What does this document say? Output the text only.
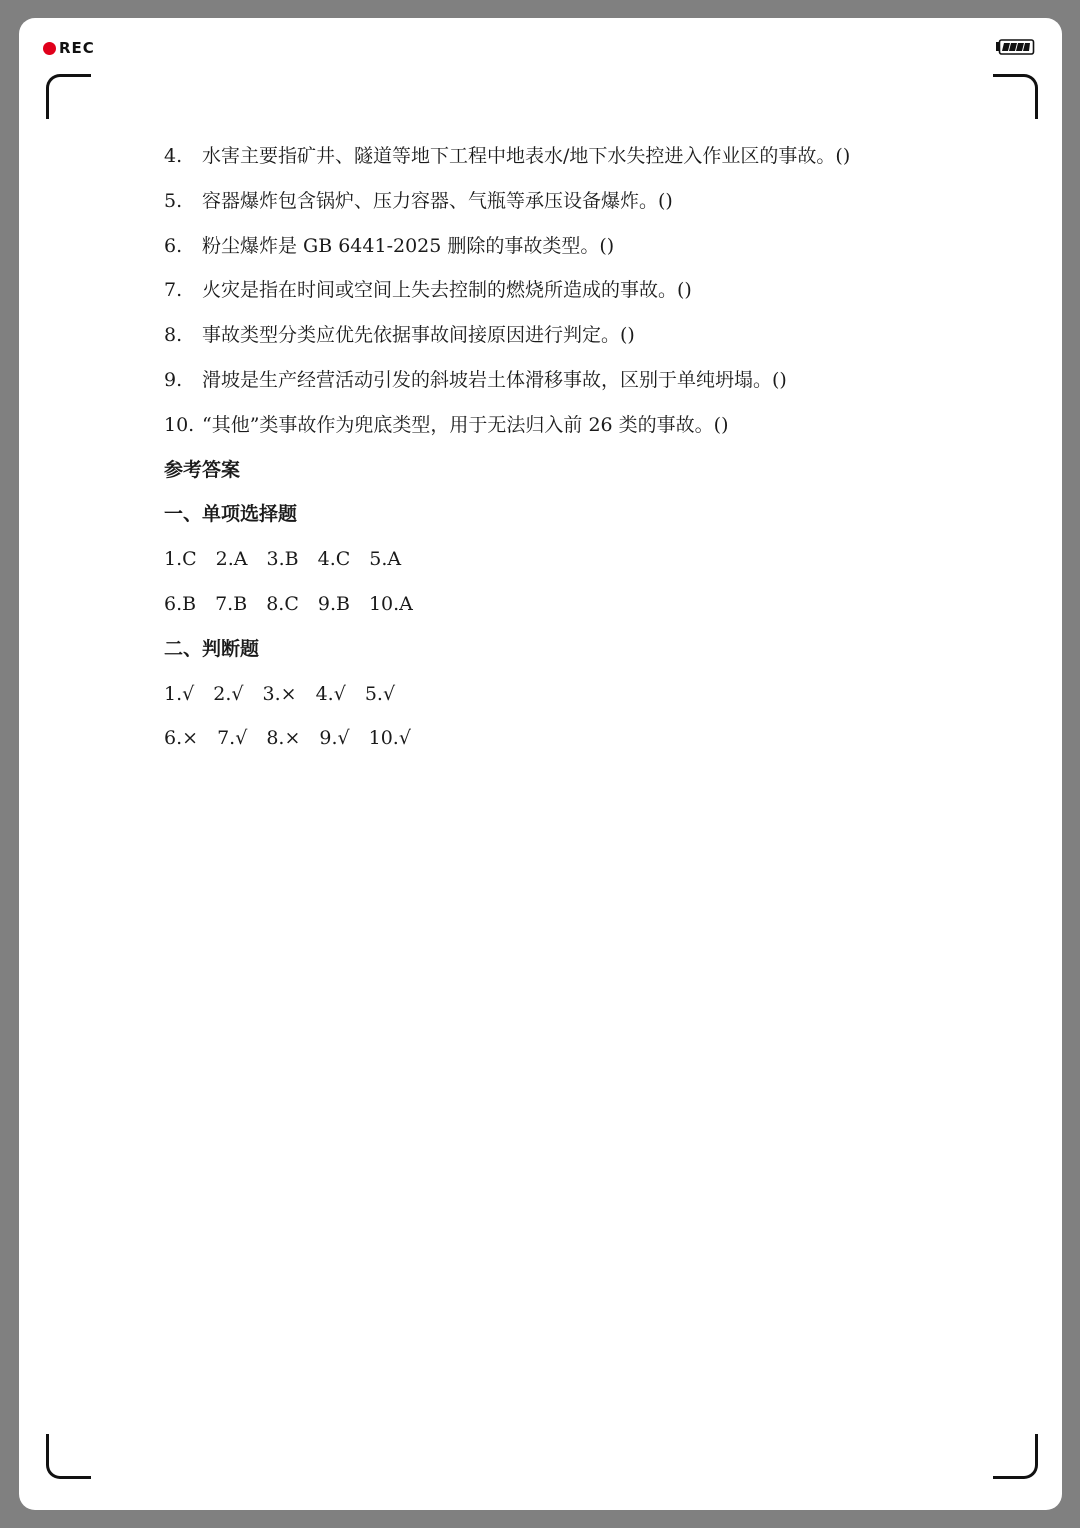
REC
4.	水害主要指矿井、隧道等地下工程中地表水/地下水失控进入作业区的事故。()
5.	容器爆炸包含锅炉、压力容器、气瓶等承压设备爆炸。()
6.	粉尘爆炸是 GB 6441-2025 删除的事故类型。()
7.	火灾是指在时间或空间上失去控制的燃烧所造成的事故。()
8.	事故类型分类应优先依据事故间接原因进行判定。()
9.	滑坡是生产经营活动引发的斜坡岩土体滑移事故，区别于单纯坍塌。()
10. “其他”类事故作为兜底类型，用于无法归入前 26 类的事故。()
参考答案
一、单项选择题
1.C 2.A 3.B 4.C 5.A
6.B 7.B 8.C 9.B 10.A
二、判断题
1.√ 2.√ 3.× 4.√ 5.√
6.× 7.√ 8.× 9.√ 10.√
